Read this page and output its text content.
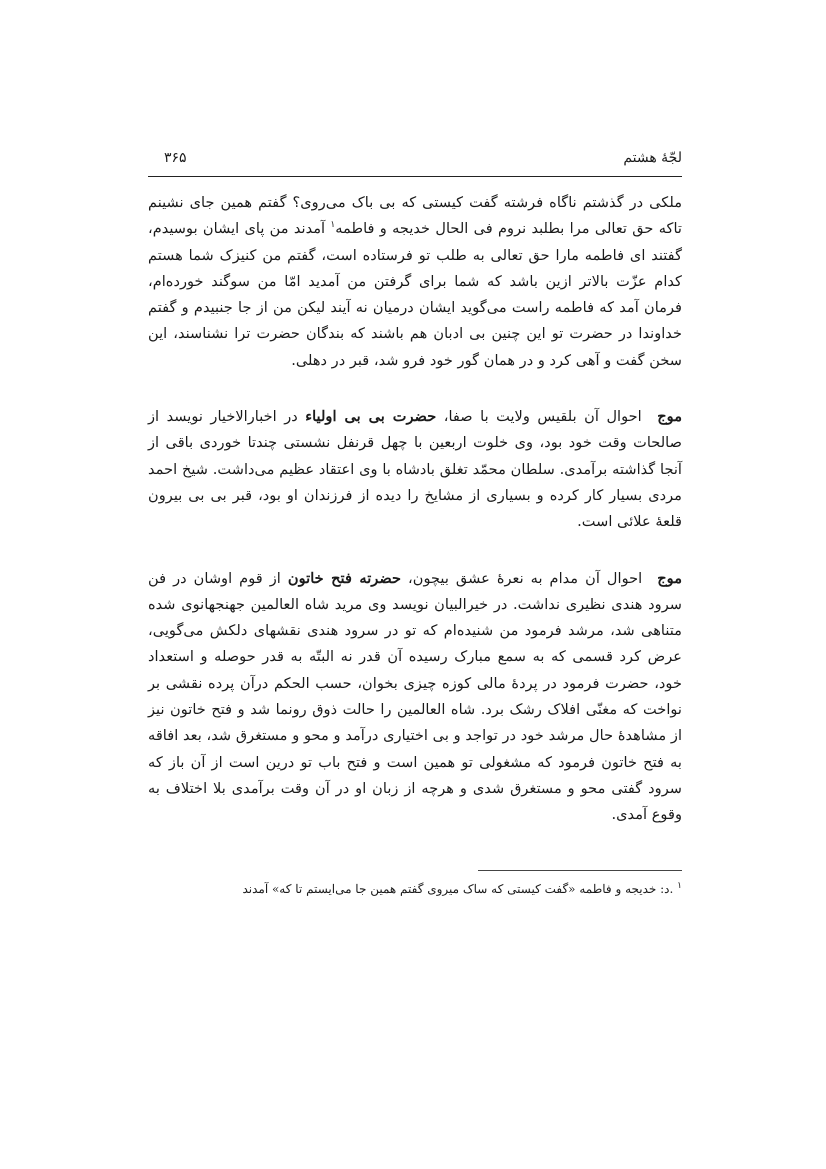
لجّهٔ هشتم
۳۶۵

ملکی در گذشتم ناگاه فرشته گفت کیستی که بی باک می‌روی؟ گفتم همین جای نشینم تاکه حق تعالی مرا بطلبد نروم فی الحال خدیجه و فاطمه$^۱$ آمدند من پای ایشان بوسیدم، گفتند ای فاطمه مارا حق تعالی به طلب تو فرستاده است، گفتم من کنیزک شما هستم کدام عزّت بالاتر ازین باشد که شما برای گرفتن من آمدید امّا من سوگند خورده‌ام، فرمان آمد که فاطمه راست می‌گوید ایشان درمیان نه آیند لیکن من از جا جنبیدم و گفتم خداوندا در حضرت تو این چنین بی ادبان هم باشند که بندگان حضرت ترا نشناسند، این سخن گفت و آهی کرد و در همان گور خود فرو شد، قبر در دهلی.

موج احوال آن بلقیس ولایت با صفا، حضرت بی بی اولیاء در اخبارالاخیار نویسد از صالحات وقت خود بود، وی خلوت اربعین با چهل قرنفل نشستی چندتا خوردی باقی از آنجا گذاشته برآمدی. سلطان محمّد تغلق بادشاه با وی اعتقاد عظیم می‌داشت. شیخ احمد مردی بسیار کار کرده و بسیاری از مشایخ را دیده از فرزندان او بود، قبر بی بی بیرون قلعهٔ علائی است.

موج احوال آن مدام به نعرهٔ عشق بیچون، حضرته فتح خاتون از قوم اوشان در فن سرود هندی نظیری نداشت. در خیرالبیان نویسد وی مرید شاه العالمین جهنجهانوی شده متناهی شد، مرشد فرمود من شنیده‌ام که تو در سرود هندی نقشهای دلکش می‌گویی، عرض کرد قسمی که به سمع مبارک رسیده آن قدر نه البتّه به قدر حوصله و استعداد خود، حضرت فرمود در پردهٔ مالی کوزه چیزی بخوان، حسب الحکم درآن پرده نقشی بر نواخت که مغنّی افلاک رشک برد. شاه العالمین را حالت ذوق رونما شد و فتح خاتون نیز از مشاهدهٔ حال مرشد خود در تواجد و بی اختیاری درآمد و محو و مستغرق شد، بعد افاقه به فتح خاتون فرمود که مشغولی تو همین است و فتح باب تو درین است از آن باز که سرود گفتی محو و مستغرق شدی و هرچه از زبان او در آن وقت برآمدی بلا اختلاف به وقوع آمدی.

$^۱$ .د: خدیجه و فاطمه «گفت کیستی که ساک میروی گفتم همین جا می‌ایستم تا که» آمدند
